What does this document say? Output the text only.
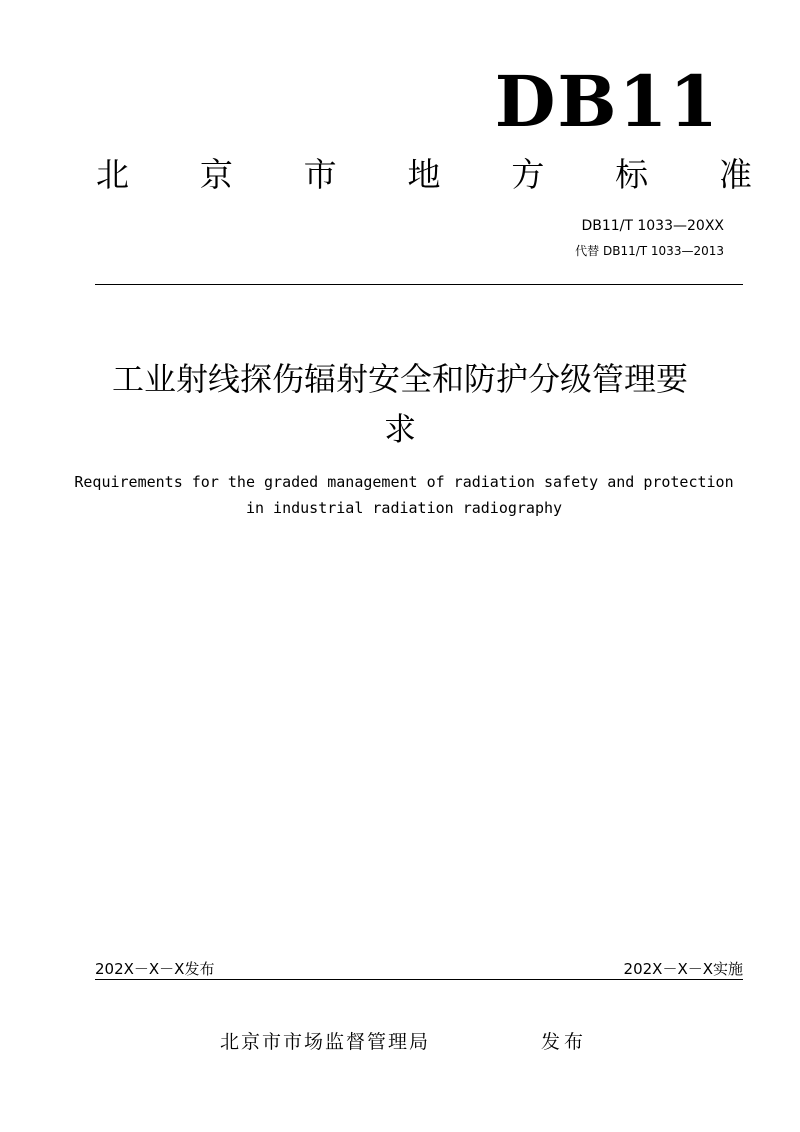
DB11
北 京 市 地 方 标 准
DB11/T 1033—20XX
代替 DB11/T 1033—2013
工业射线探伤辐射安全和防护分级管理要
求
Requirements for the graded management of radiation safety and protection
in industrial radiation radiography
202X－X－X发布	202X－X－X实施
北京市市场监督管理局	发布
